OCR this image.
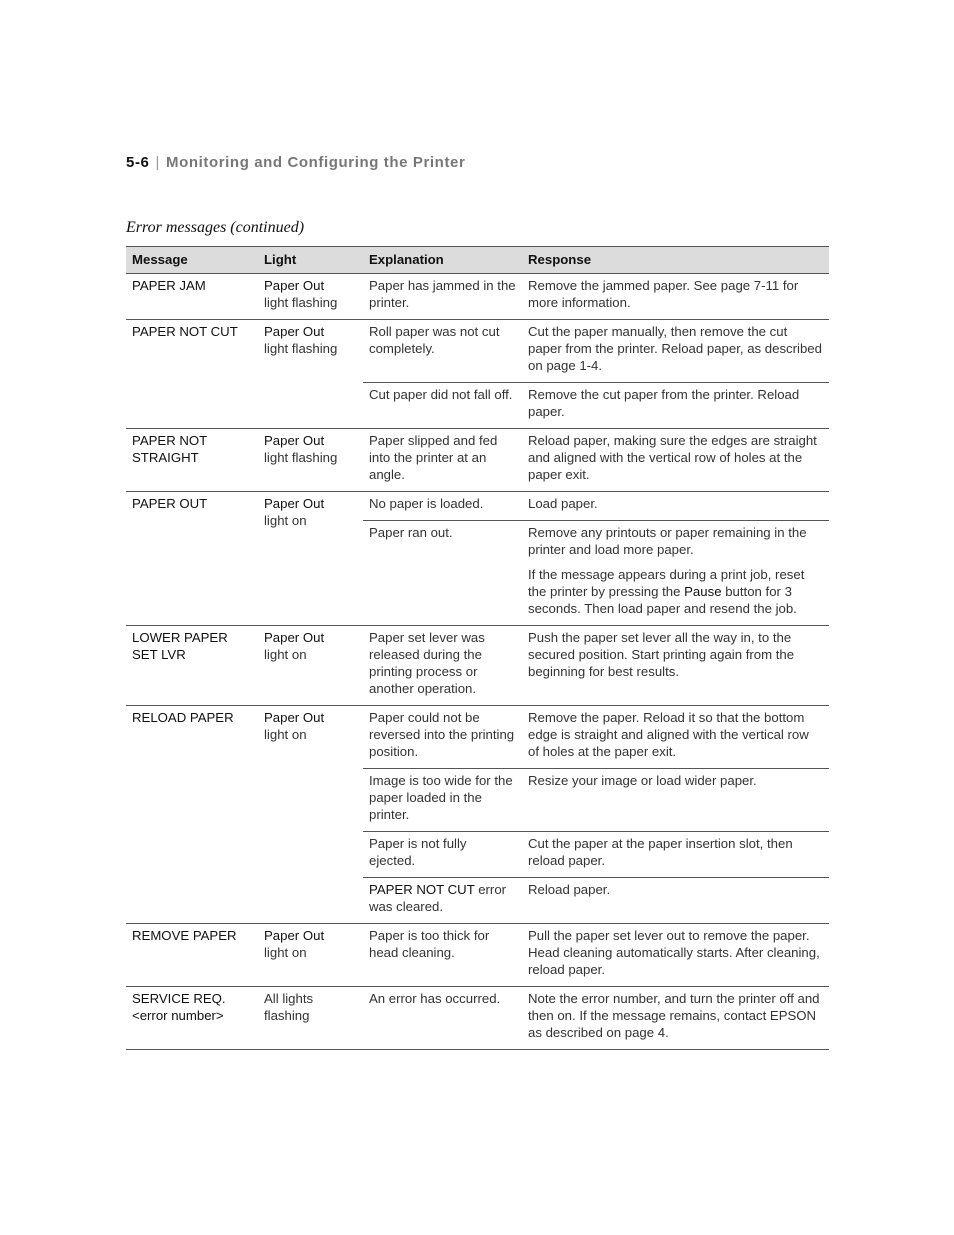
5-6 | Monitoring and Configuring the Printer
Error messages (continued)
Message	Light	Explanation	Response
PAPER JAM	Paper Out
light flashing	Paper has jammed in the printer.	Remove the jammed paper. See page 7-11 for more information.

PAPER NOT CUT	Paper Out
light flashing	Roll paper was not cut completely.	Cut the paper manually, then remove the cut paper from the printer. Reload paper, as described on page 1-4.

		Cut paper did not fall off.	Remove the cut paper from the printer. Reload paper.

PAPER NOT STRAIGHT	Paper Out
light flashing	Paper slipped and fed into the printer at an angle.	Reload paper, making sure the edges are straight and aligned with the vertical row of holes at the paper exit.

PAPER OUT	Paper Out
light on	No paper is loaded.	Load paper.

		Paper ran out.	Remove any printouts or paper remaining in the printer and load more paper.
If the message appears during a print job, reset the printer by pressing the Pause button for 3 seconds. Then load paper and resend the job.

LOWER PAPER SET LVR	Paper Out
light on	Paper set lever was released during the printing process or another operation.	Push the paper set lever all the way in, to the secured position. Start printing again from the beginning for best results.

RELOAD PAPER	Paper Out
light on	Paper could not be reversed into the printing position.	Remove the paper. Reload it so that the bottom edge is straight and aligned with the vertical row of holes at the paper exit.

		Image is too wide for the paper loaded in the printer.	Resize your image or load wider paper.

		Paper is not fully ejected.	Cut the paper at the paper insertion slot, then reload paper.

		PAPER NOT CUT error was cleared.	Reload paper.

REMOVE PAPER	Paper Out
light on	Paper is too thick for head cleaning.	Pull the paper set lever out to remove the paper. Head cleaning automatically starts. After cleaning, reload paper.

SERVICE REQ. <error number>	All lights flashing	An error has occurred.	Note the error number, and turn the printer off and then on. If the message remains, contact EPSON as described on page 4.
